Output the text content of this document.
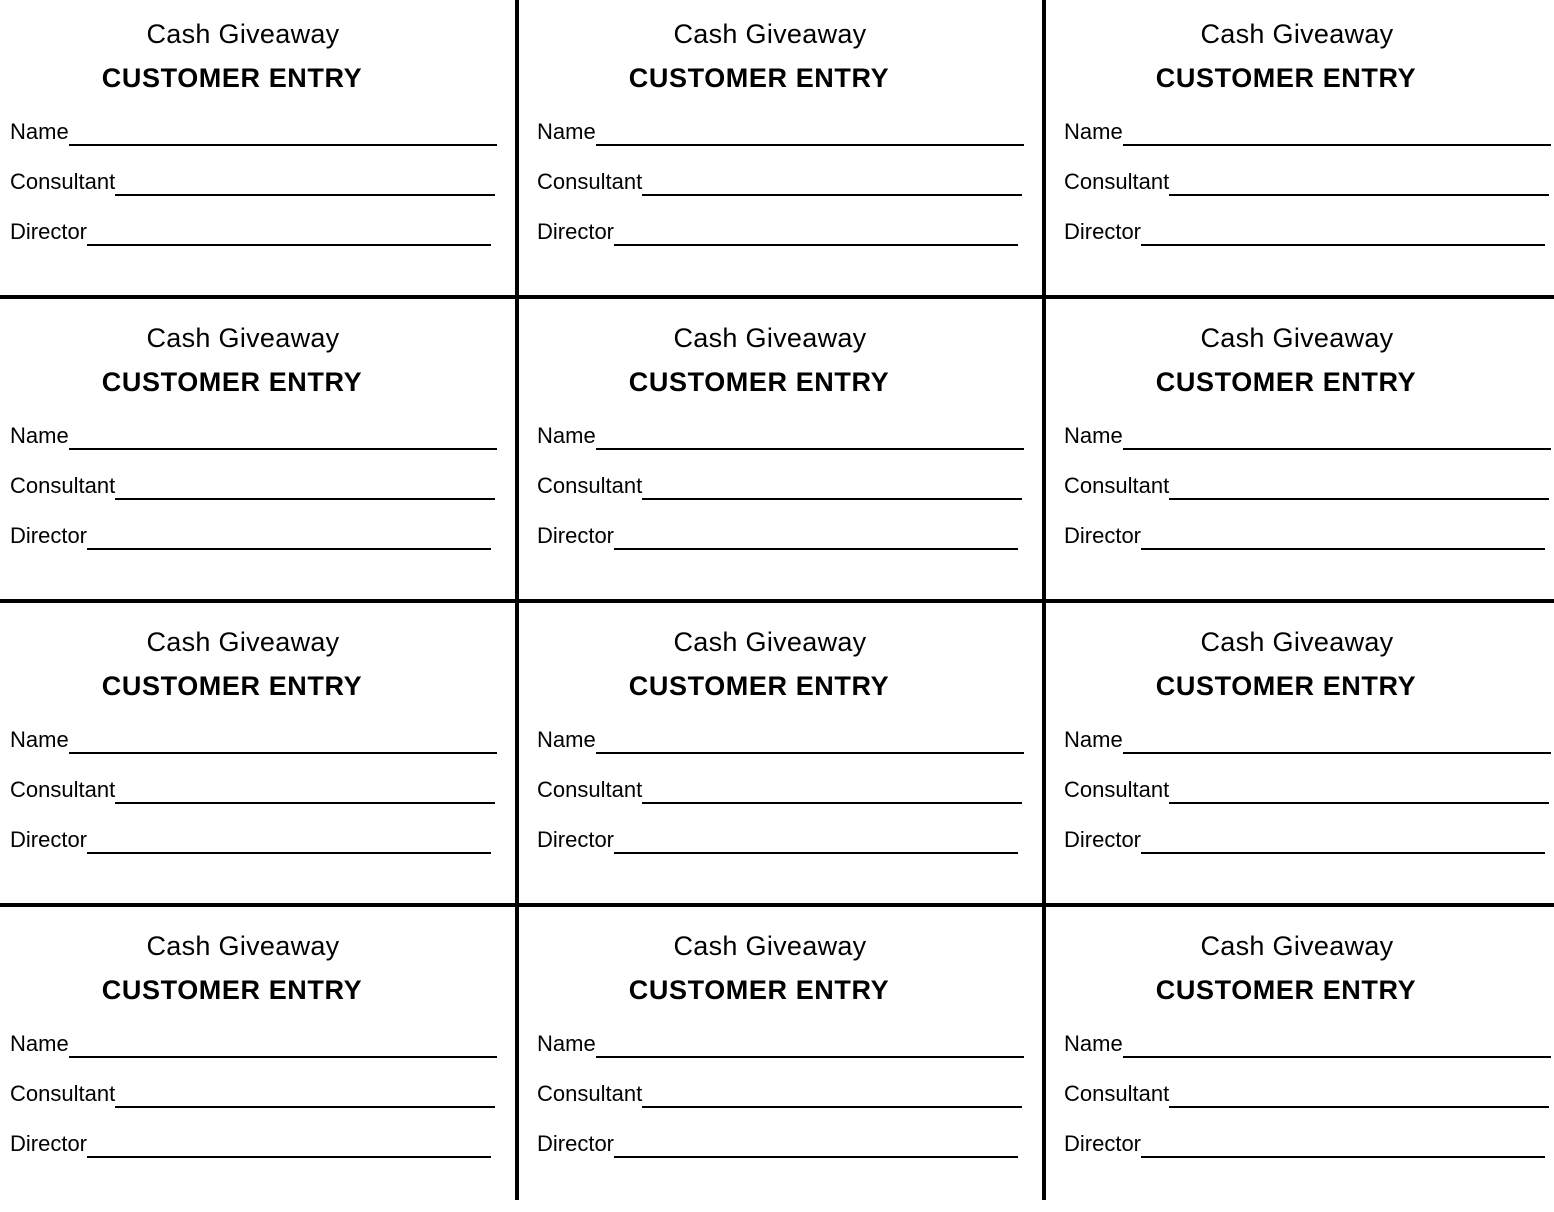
Cash Giveaway
CUSTOMER ENTRY
Name
Consultant
Director
Cash Giveaway
CUSTOMER ENTRY
Name
Consultant
Director
Cash Giveaway
CUSTOMER ENTRY
Name
Consultant
Director
Cash Giveaway
CUSTOMER ENTRY
Name
Consultant
Director
Cash Giveaway
CUSTOMER ENTRY
Name
Consultant
Director
Cash Giveaway
CUSTOMER ENTRY
Name
Consultant
Director
Cash Giveaway
CUSTOMER ENTRY
Name
Consultant
Director
Cash Giveaway
CUSTOMER ENTRY
Name
Consultant
Director
Cash Giveaway
CUSTOMER ENTRY
Name
Consultant
Director
Cash Giveaway
CUSTOMER ENTRY
Name
Consultant
Director
Cash Giveaway
CUSTOMER ENTRY
Name
Consultant
Director
Cash Giveaway
CUSTOMER ENTRY
Name
Consultant
Director
